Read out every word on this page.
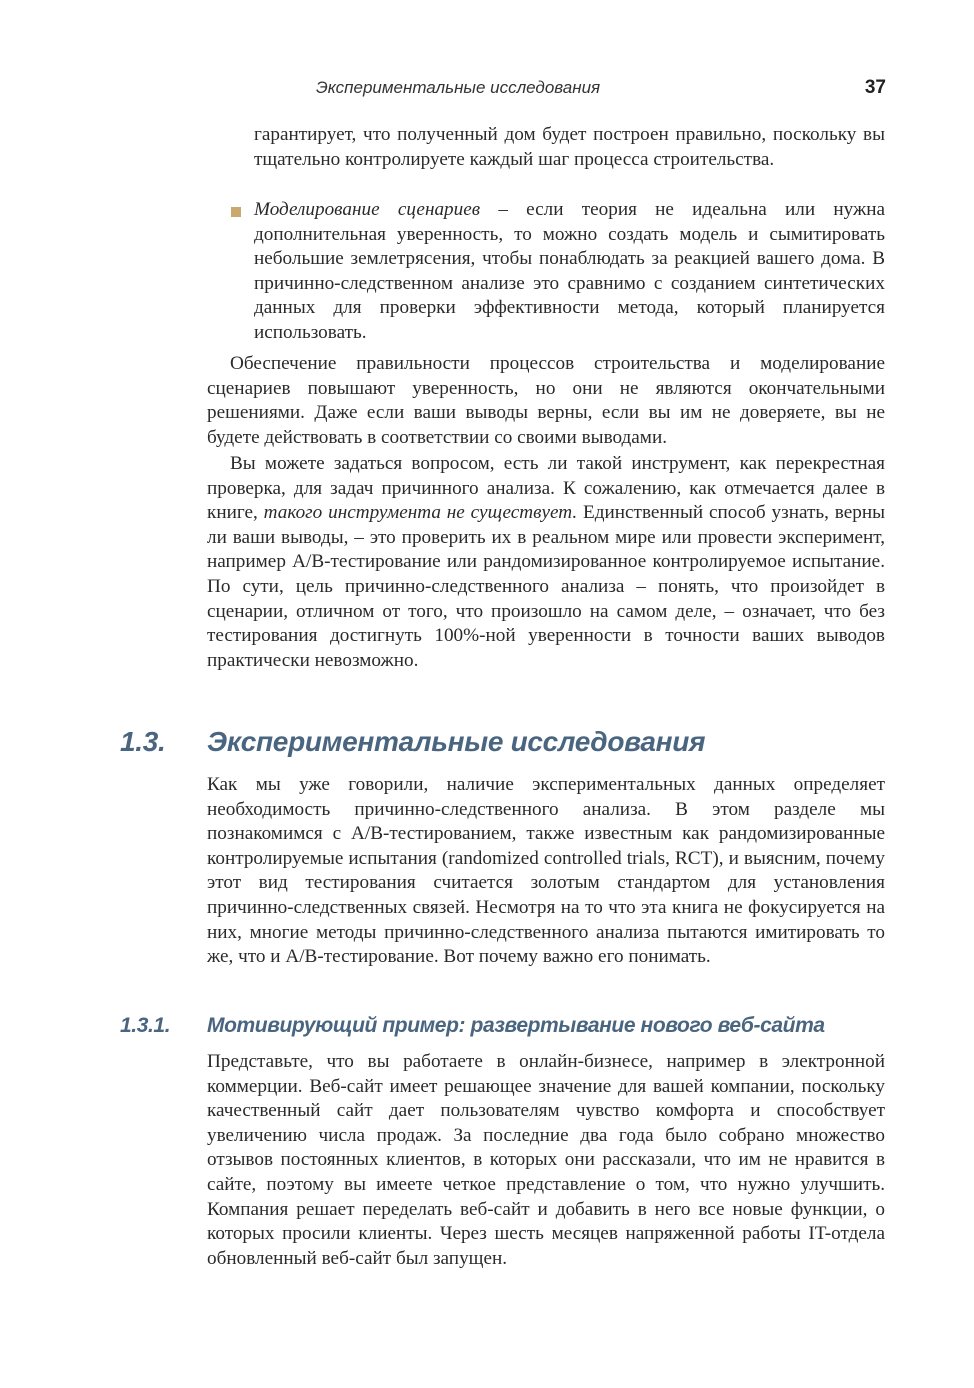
Экспериментальные исследования	37

гарантирует, что полученный дом будет построен правильно, поскольку вы тщательно контролируете каждый шаг процесса строительства.

Моделирование сценариев – если теория не идеальна или нужна дополнительная уверенность, то можно создать модель и сымитировать небольшие землетрясения, чтобы понаблюдать за реакцией вашего дома. В причинно-следственном анализе это сравнимо с созданием синтетических данных для проверки эффективности метода, который планируется использовать.

Обеспечение правильности процессов строительства и моделирование сценариев повышают уверенность, но они не являются окончательными решениями. Даже если ваши выводы верны, если вы им не доверяете, вы не будете действовать в соответствии со своими выводами.

Вы можете задаться вопросом, есть ли такой инструмент, как перекрестная проверка, для задач причинного анализа. К сожалению, как отмечается далее в книге, такого инструмента не существует. Единственный способ узнать, верны ли ваши выводы, – это проверить их в реальном мире или провести эксперимент, например A/B-тестирование или рандомизированное контролируемое испытание. По сути, цель причинно-следственного анализа – понять, что произойдет в сценарии, отличном от того, что произошло на самом деле, – означает, что без тестирования достигнуть 100%-ной уверенности в точности ваших выводов практически невозможно.

1.3. Экспериментальные исследования

Как мы уже говорили, наличие экспериментальных данных определяет необходимость причинно-следственного анализа. В этом разделе мы познакомимся с A/B-тестированием, также известным как рандомизированные контролируемые испытания (randomized controlled trials, RCT), и выясним, почему этот вид тестирования считается золотым стандартом для установления причинно-следственных связей. Несмотря на то что эта книга не фокусируется на них, многие методы причинно-следственного анализа пытаются имитировать то же, что и A/B-тестирование. Вот почему важно его понимать.

1.3.1. Мотивирующий пример: развертывание нового веб-сайта

Представьте, что вы работаете в онлайн-бизнесе, например в электронной коммерции. Веб-сайт имеет решающее значение для вашей компании, поскольку качественный сайт дает пользователям чувство комфорта и способствует увеличению числа продаж. За последние два года было собрано множество отзывов постоянных клиентов, в которых они рассказали, что им не нравится в сайте, поэтому вы имеете четкое представление о том, что нужно улучшить. Компания решает переделать веб-сайт и добавить в него все новые функции, о которых просили клиенты. Через шесть месяцев напряженной работы IT-отдела обновленный веб-сайт был запущен.
